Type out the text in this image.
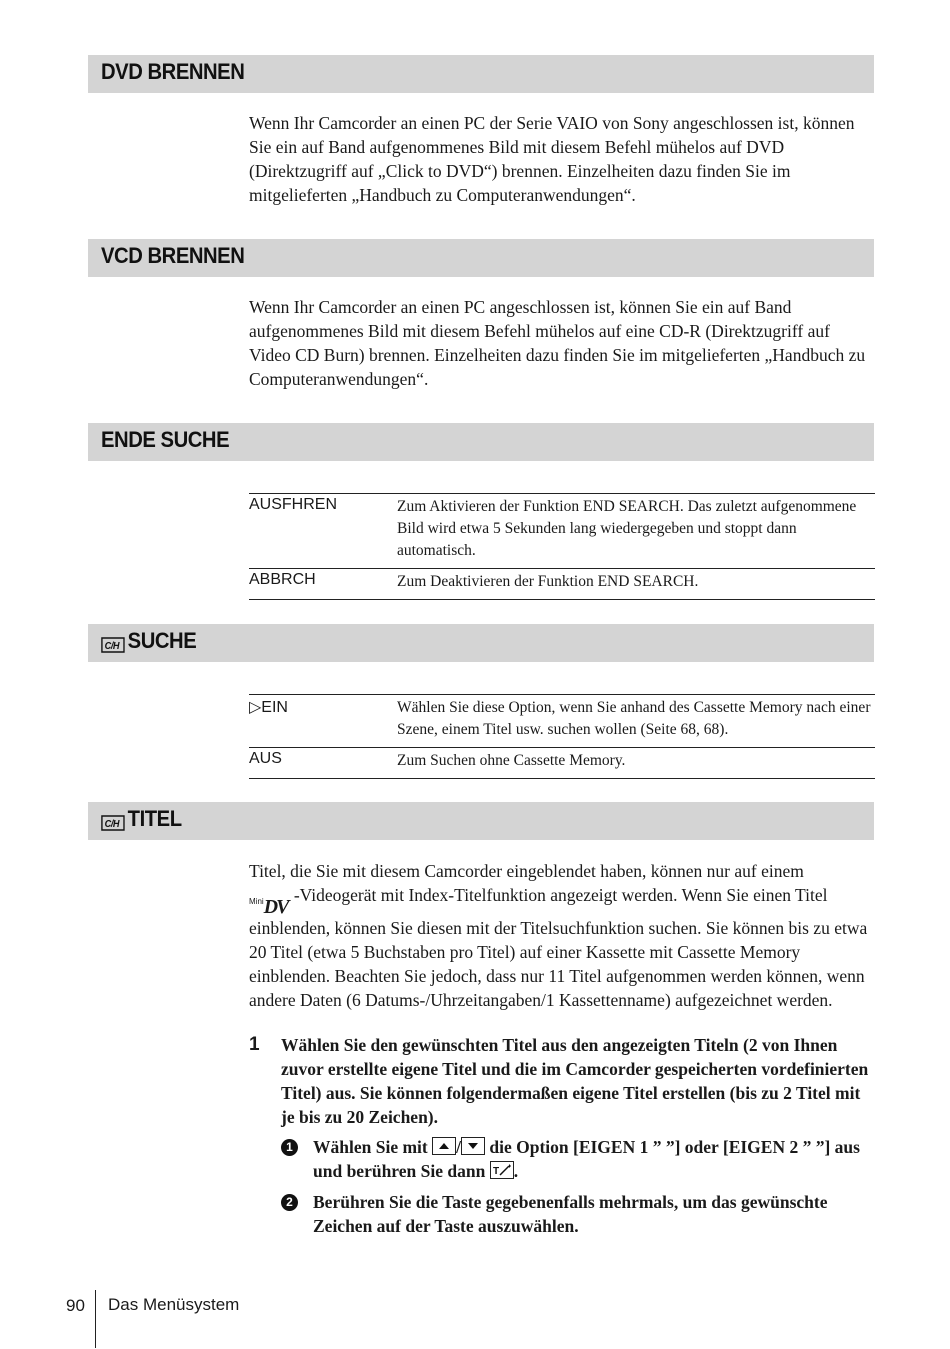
DVD BRENNEN

Wenn Ihr Camcorder an einen PC der Serie VAIO von Sony angeschlossen ist, können Sie ein auf Band aufgenommenes Bild mit diesem Befehl mühelos auf DVD (Direktzugriff auf „Click to DVD“) brennen. Einzelheiten dazu finden Sie im mitgelieferten „Handbuch zu Computeranwendungen“.

VCD BRENNEN

Wenn Ihr Camcorder an einen PC angeschlossen ist, können Sie ein auf Band aufgenommenes Bild mit diesem Befehl mühelos auf eine CD-R (Direktzugriff auf Video CD Burn) brennen. Einzelheiten dazu finden Sie im mitgelieferten „Handbuch zu Computeranwendungen“.

ENDE SUCHE
AUSFHREN	Zum Aktivieren der Funktion END SEARCH. Das zuletzt aufgenommene Bild wird etwa 5 Sekunden lang wiedergegeben und stoppt dann automatisch.
ABBRCH	Zum Deaktivieren der Funktion END SEARCH.
C/H SUCHE
▷EIN	Wählen Sie diese Option, wenn Sie anhand des Cassette Memory nach einer Szene, einem Titel usw. suchen wollen (Seite 68, 68).
AUS	Zum Suchen ohne Cassette Memory.
C/H TITEL

Titel, die Sie mit diesem Camcorder eingeblendet haben, können nur auf einem

Mini DV
-Videogerät mit Index-Titelfunktion angezeigt werden. Wenn Sie einen Titel einblenden, können Sie diesen mit der Titelsuchfunktion suchen. Sie können bis zu etwa 20 Titel (etwa 5 Buchstaben pro Titel) auf einer Kassette mit Cassette Memory einblenden. Beachten Sie jedoch, dass nur 11 Titel aufgenommen werden können, wenn andere Daten (6 Datums-/Uhrzeitangaben/1 Kassettenname) aufgezeichnet werden.

1 Wählen Sie den gewünschten Titel aus den angezeigten Titeln (2 von Ihnen zuvor erstellte eigene Titel und die im Camcorder gespeicherten vordefinierten Titel) aus. Sie können folgendermaßen eigene Titel erstellen (bis zu 2 Titel mit je bis zu 20 Zeichen).
1 Wählen Sie mit / die Option [EIGEN 1 ” ”] oder [EIGEN 2 ” ”] aus und berühren Sie dann T .
2 Berühren Sie die Taste gegebenenfalls mehrmals, um das gewünschte Zeichen auf der Taste auszuwählen.
90 Das Menüsystem
